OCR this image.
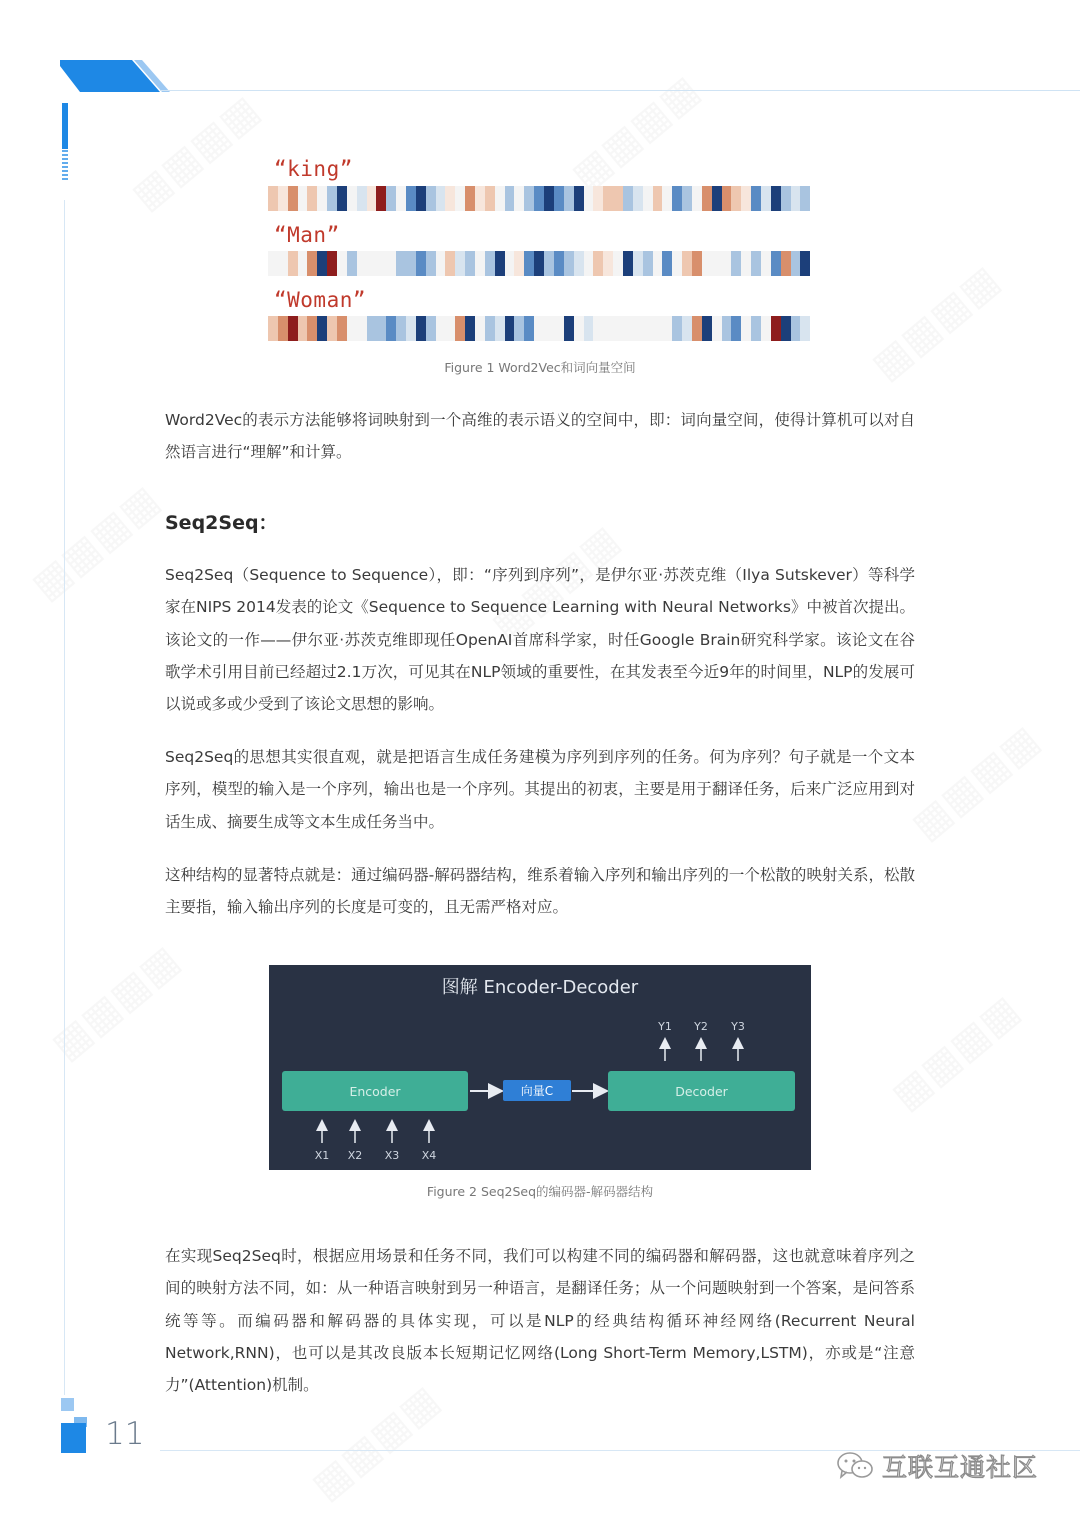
▦▦▦▦	▦▦▦▦
▦▦▦▦
▦▦▦▦	▦▦▦▦
▦▦▦▦
▦▦▦▦	▦▦▦▦
▦▦▦▦
“king”
“Man”
“Woman”
Figure 1 Word2Vec和词向量空间

Word2Vec的表示方法能够将词映射到一个高维的表示语义的空间中，即：词向量空间，使得计算机可以对自然语言进行“理解”和计算。

Seq2Seq：

Seq2Seq（Sequence to Sequence），即：“序列到序列”，是伊尔亚·苏茨克维（Ilya Sutskever）等科学家在NIPS 2014发表的论文《Sequence to Sequence Learning with Neural Networks》中被首次提出。该论文的一作——伊尔亚·苏茨克维即现任OpenAI首席科学家，时任Google Brain研究科学家。该论文在谷歌学术引用目前已经超过2.1万次，可见其在NLP领域的重要性，在其发表至今近9年的时间里，NLP的发展可以说或多或少受到了该论文思想的影响。

Seq2Seq的思想其实很直观，就是把语言生成任务建模为序列到序列的任务。何为序列？句子就是一个文本序列，模型的输入是一个序列，输出也是一个序列。其提出的初衷，主要是用于翻译任务，后来广泛应用到对话生成、摘要生成等文本生成任务当中。

这种结构的显著特点就是：通过编码器-解码器结构，维系着输入序列和输出序列的一个松散的映射关系，松散主要指，输入输出序列的长度是可变的，且无需严格对应。

图解 Encoder-Decoder
Encoder	向量C	Decoder
X1	X2	X3	X4
Y1	Y2	Y3
Figure 2 Seq2Seq的编码器-解码器结构

在实现Seq2Seq时，根据应用场景和任务不同，我们可以构建不同的编码器和解码器，这也就意味着序列之间的映射方法不同，如：从一种语言映射到另一种语言，是翻译任务；从一个问题映射到一个答案，是问答系统等等。而编码器和解码器的具体实现，可以是NLP的经典结构循环神经网络(Recurrent Neural Network,RNN)，也可以是其改良版本长短期记忆网络(Long Short-Term Memory,LSTM)，亦或是“注意力”(Attention)机制。

11
互联互通社区
